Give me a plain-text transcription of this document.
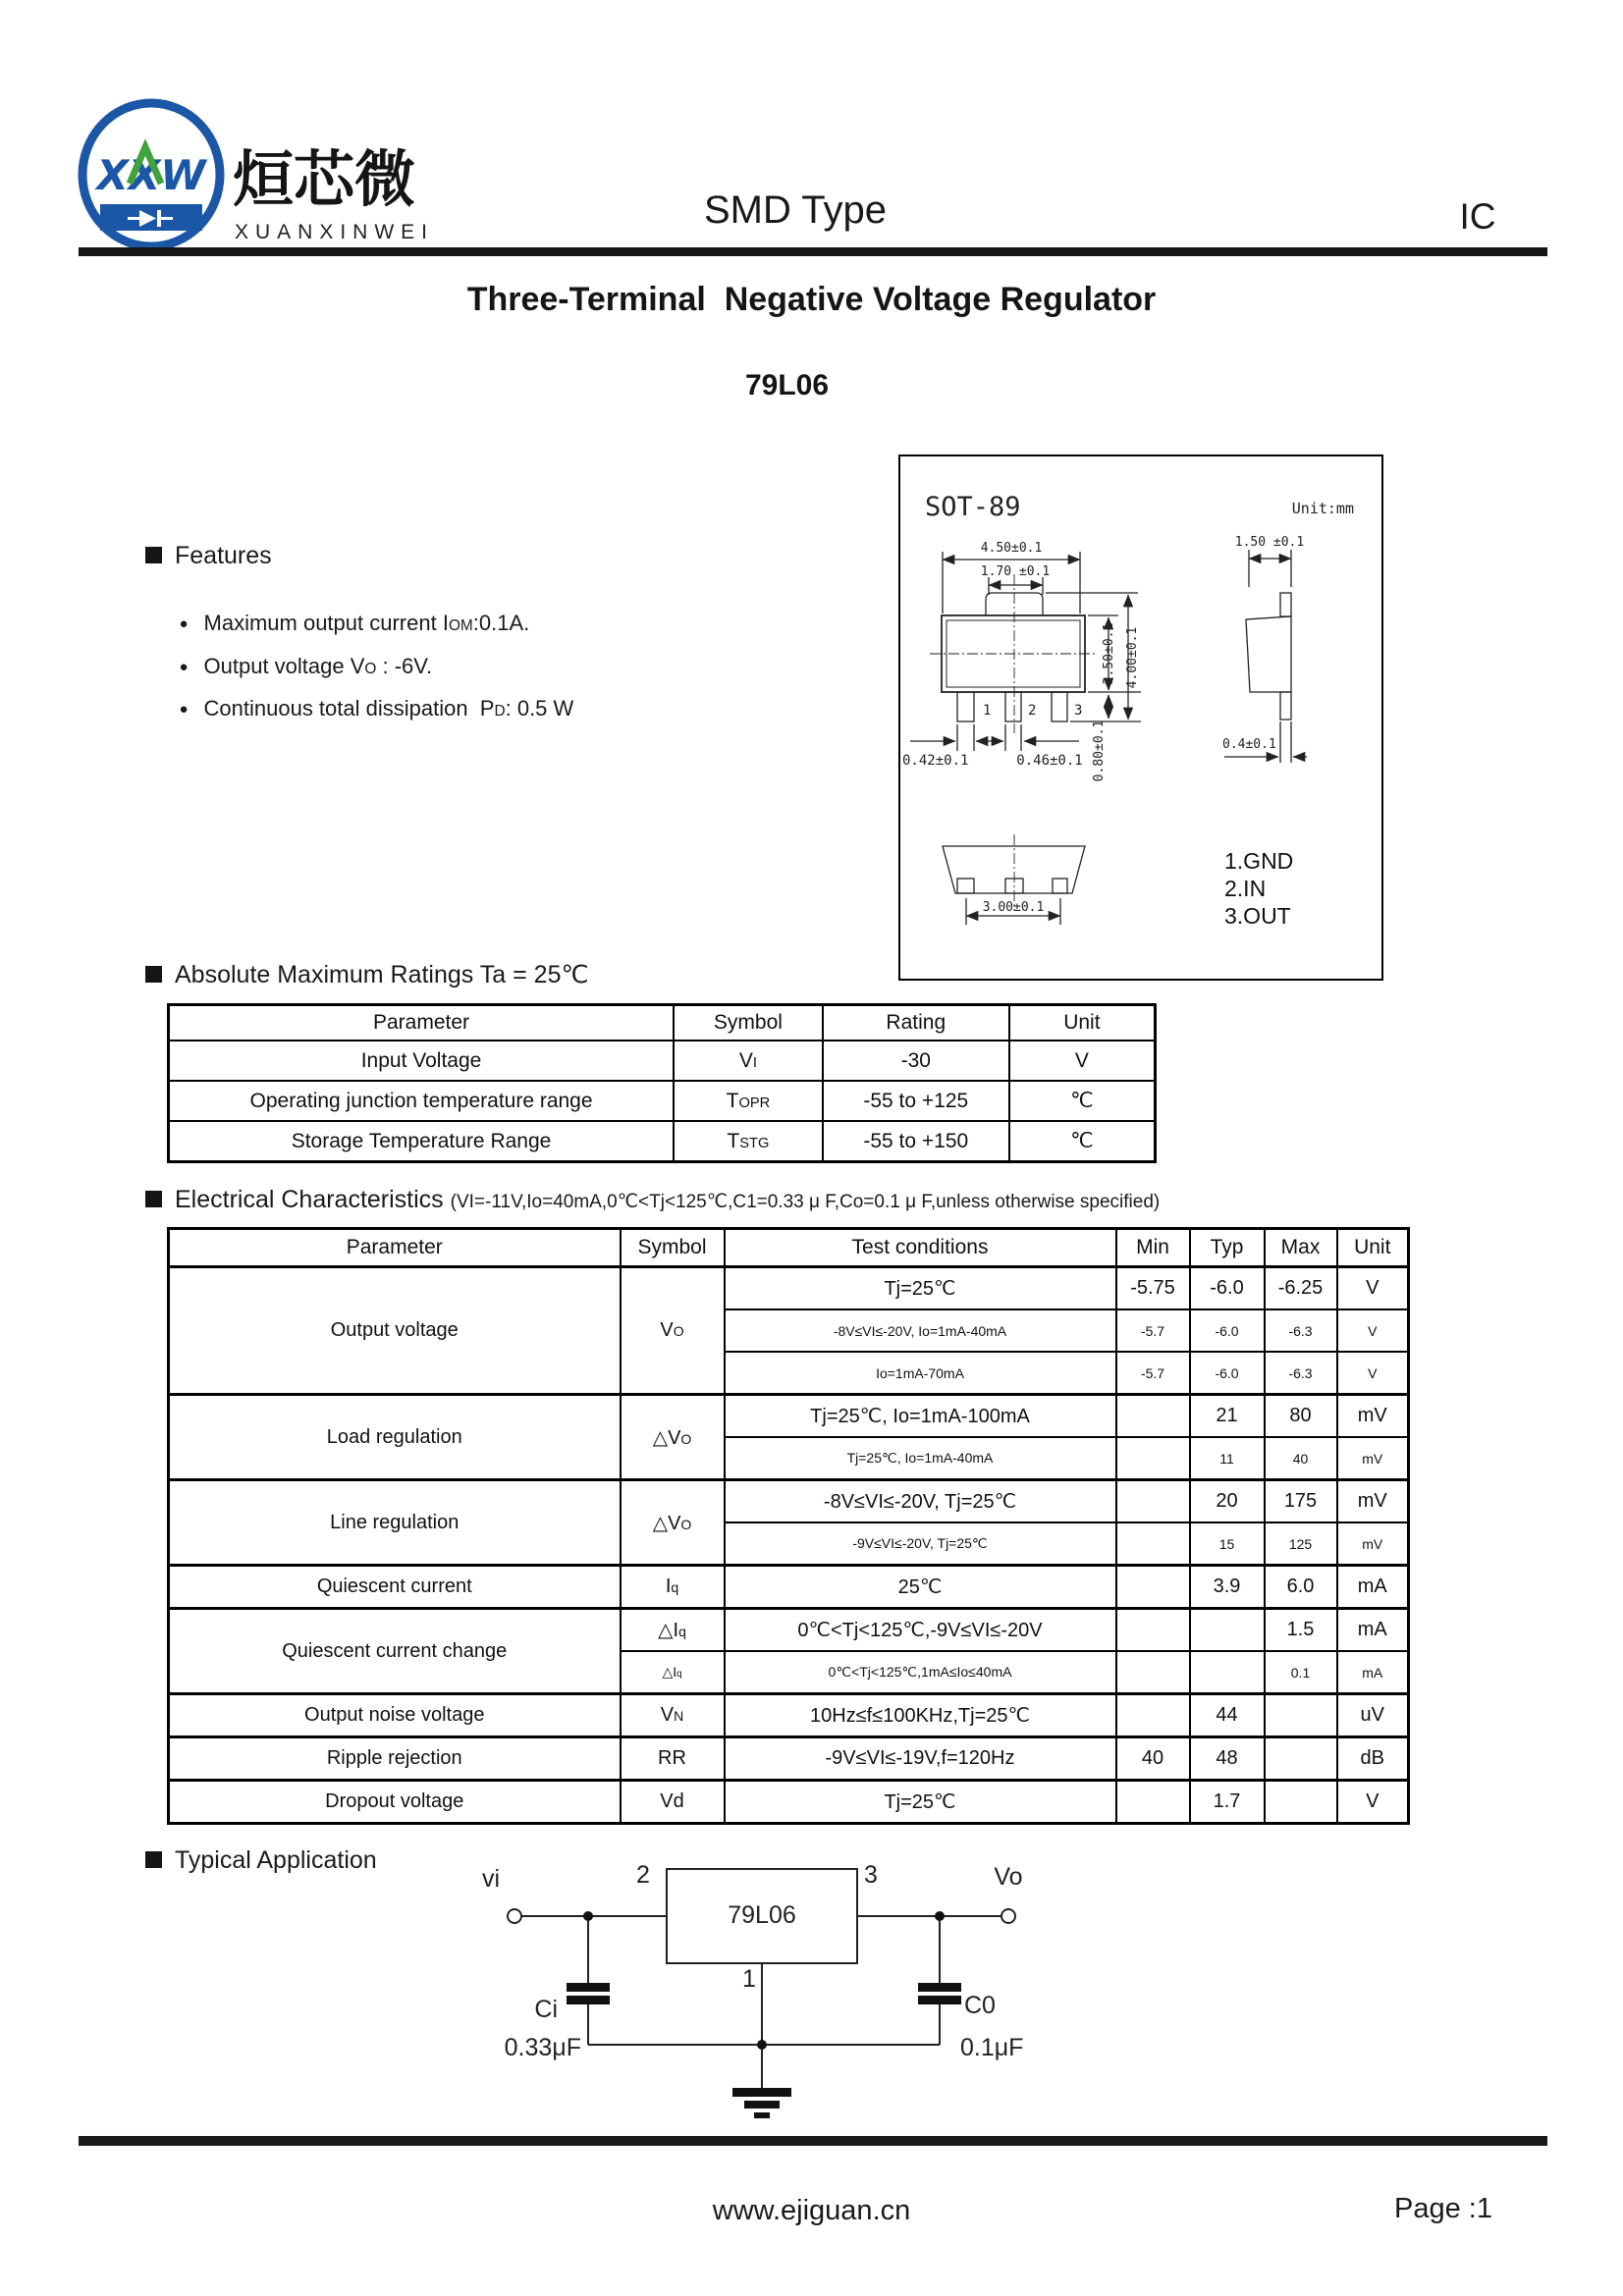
XXW 烜芯微
XUANXINWEI
SMD Type	IC
Three-Terminal  Negative Voltage Regulator
79L06
SOT-89	Unit:mm
4.50±0.1
1.70 ±0.1
1	2	3
2.50±0.1 4.00±0.1
0.80±0.1
0.42±0.1	0.46±0.1
1.50 ±0.1
0.4±0.1
3.00±0.1
1.GND
2.IN
3.OUT
Features

● Maximum output current IOM:0.1A.

● Output voltage VO : -6V.

● Continuous total dissipation  PD: 0.5 W

Absolute Maximum Ratings Ta = 25℃
Parameter	Symbol	Rating	Unit
Input Voltage	VI	-30	V
Operating junction temperature range	TOPR	-55 to +125	℃
Storage Temperature Range	TSTG	-55 to +150	℃
Electrical Characteristics (VI=-11V,Io=40mA,0℃<Tj<125℃,C1=0.33 μ F,Co=0.1 μ F,unless otherwise specified)
Parameter	Symbol	Test conditions	Min	Typ	Max	Unit
Output voltage	VO	Tj=25℃	-5.75	-6.0	-6.25	V
		-8V≤VI≤-20V, Io=1mA-40mA	-5.7	-6.0	-6.3	V
		Io=1mA-70mA	-5.7	-6.0	-6.3	V
Load regulation	△VO	Tj=25℃, Io=1mA-100mA		21	80	mV
		Tj=25℃, Io=1mA-40mA		11	40	mV
Line regulation	△VO	-8V≤VI≤-20V, Tj=25℃		20	175	mV
		-9V≤VI≤-20V, Tj=25℃		15	125	mV
Quiescent current	Iq	25℃		3.9	6.0	mA
Quiescent current change	△Iq	0℃<Tj<125℃,-9V≤VI≤-20V			1.5	mA
	△Iq	0℃<Tj<125℃,1mA≤Io≤40mA			0.1	mA
Output noise voltage	VN	10Hz≤f≤100KHz,Tj=25℃		44		uV
Ripple rejection	RR	-9V≤VI≤-19V,f=120Hz	40	48		dB
Dropout voltage	Vd	Tj=25℃		1.7		V
Typical Application
vi	Vo
2	3
1
79L06
Ci
0.33μF
C0
0.1μF
www.ejiguan.cn	Page :1
